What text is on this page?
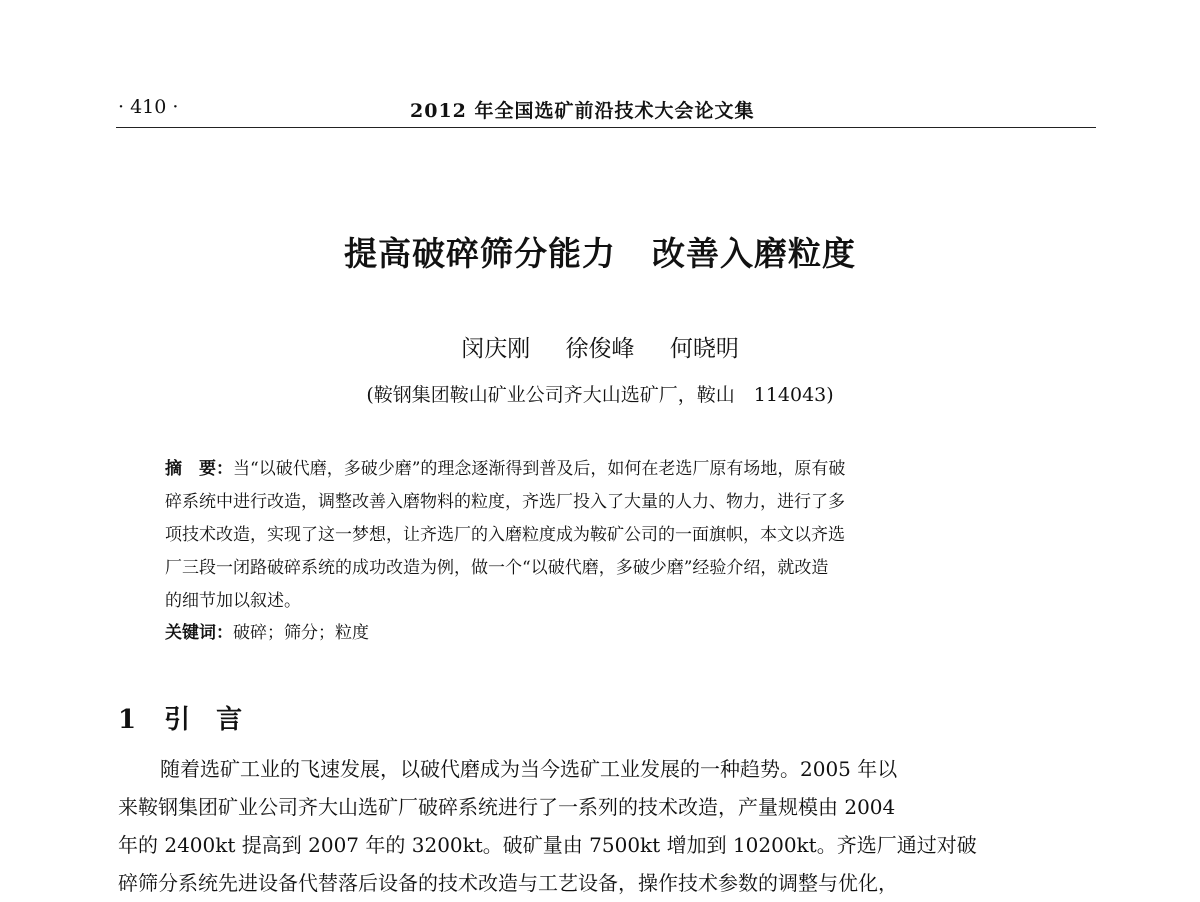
· 410 ·	2012 年全国选矿前沿技术大会论文集
提高破碎筛分能力 改善入磨粒度
闵庆刚 徐俊峰 何晓明
(鞍钢集团鞍山矿业公司齐大山选矿厂，鞍山　114043)
摘　要：当“以破代磨，多破少磨”的理念逐渐得到普及后，如何在老选厂原有场地，原有破
碎系统中进行改造，调整改善入磨物料的粒度，齐选厂投入了大量的人力、物力，进行了多
项技术改造，实现了这一梦想，让齐选厂的入磨粒度成为鞍矿公司的一面旗帜，本文以齐选
厂三段一闭路破碎系统的成功改造为例，做一个“以破代磨，多破少磨”经验介绍，就改造
的细节加以叙述。
关键词：破碎；筛分；粒度
1 引　言
随着选矿工业的飞速发展，以破代磨成为当今选矿工业发展的一种趋势。2005 年以
来鞍钢集团矿业公司齐大山选矿厂破碎系统进行了一系列的技术改造，产量规模由 2004
年的 2400kt 提高到 2007 年的 3200kt。破矿量由 7500kt 增加到 10200kt。齐选厂通过对破
碎筛分系统先进设备代替落后设备的技术改造与工艺设备，操作技术参数的调整与优化，
